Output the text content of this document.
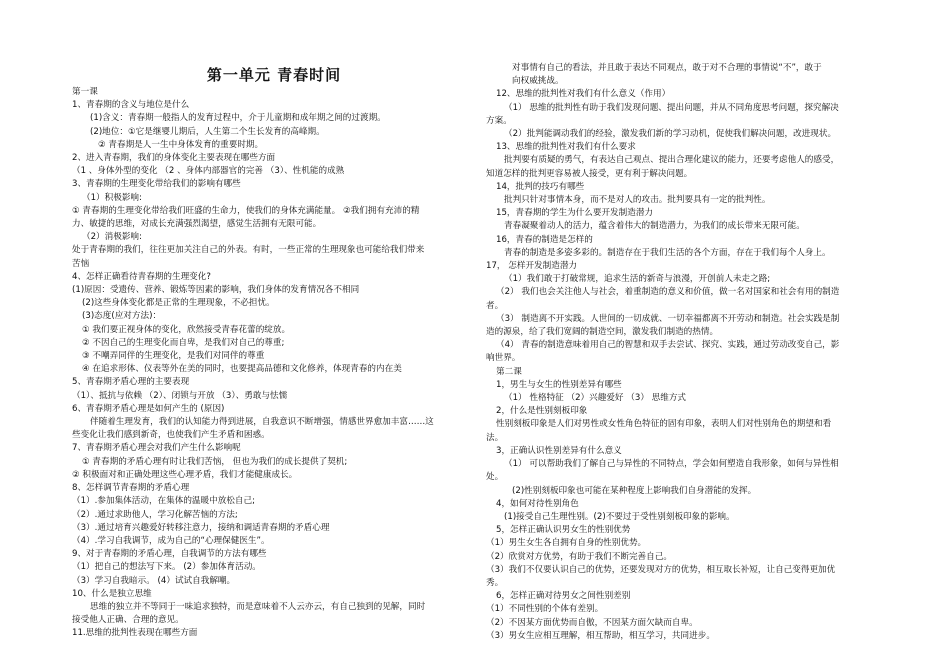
第一单元 青春时间
第一课
1、青春期的含义与地位是什么
(1)含义：青春期一般指人的发育过程中，介于儿童期和成年期之间的过渡期。
(2)地位：①它是继婴儿期后，人生第二个生长发育的高峰期。
② 青春期是人一生中身体发育的重要时期。
2、进入青春期，我们的身体变化主要表现在哪些方面
（1 、身体外型的变化 （2 、身体内部器官的完善 （3）、性机能的成熟
3、青春期的生理变化带给我们的影响有哪些
（1）积极影响:
① 青春期的生理变化带给我们旺盛的生命力，使我们的身体充满能量。 ②我们拥有充沛的精
力、敏捷的思维，对成长充满强烈渴望，感觉生活拥有无限可能。
（2）消极影响:
处于青春期的我们，往往更加关注自己的外表。有时，一些正常的生理现象也可能给我们带来
苦恼
4、怎样正确看待青春期的生理变化?
(1)原因：受遗传、营养、锻炼等因素的影响，我们身体的发育情况各不相同
(2)这些身体变化都是正常的生理现象，不必担忧。
(3)态度(应对方法)：
① 我们要正视身体的变化，欣然接受青春花蕾的绽放。
② 不因自己的生理变化而自卑，是我们对自己的尊重;
③ 不嘲弄同伴的生理变化，是我们对同伴的尊重
④ 在追求形体、仪表等外在美的同时，也要提高品德和文化修养，体现青春的内在美
5、青春期矛盾心理的主要表现
（1）、抵抗与依赖 （2）、闭锁与开放 （3）、勇敢与怯懦
6、青春期矛盾心理是如何产生的 (原因)
伴随着生理发育，我们的认知能力得到进展，自我意识不断增强，情感世界愈加丰富……这
些变化让我们感到新奇，也使我们产生矛盾和困惑。
7、青春期矛盾心理会对我们产生什么影响呢
① 青春期的矛盾心理有时让我们苦恼， 但也为我们的成长提供了契机;
② 积极面对和正确处理这些心理矛盾，我们才能健康成长。
8、怎样调节青春期的矛盾心理
（1）.参加集体活动，在集体的温暖中放松自己;
（2）.通过求助他人，学习化解苦恼的方法;
（3）.通过培育兴趣爱好转移注意力，接纳和调适青春期的矛盾心理
（4）.学习自我调节，成为自己的“心理保健医生”。
9、对于青春期的矛盾心理，自我调节的方法有哪些
（1）把自己的想法写下来。 (2）参加体育活动。
（3）学习自我暗示。 (4）试试自我解嘲。
10、什么是独立思维
思维的独立并不等同于一味追求独特，而是意味着不人云亦云，有自己独到的见解，同时
接受他人正确、合理的意见。
11.思维的批判性表现在哪些方面
对事情有自己的看法，并且敢于表达不同观点，敢于对不合理的事情说“不”，敢于
向权威挑战。
12、思维的批判性对我们有什么意义（作用）
（1） 思维的批判性有助于我们发现问题、提出问题，并从不同角度思考问题，探究解决
方案。
（2）批判能调动我们的经验，激发我们新的学习动机，促使我们解决问题，改进现状。
13、思维的批判性对我们有什么要求
批判要有质疑的勇气，有表达自己观点、提出合理化建议的能力，还要考虑他人的感受，
知道怎样的批判更容易被人接受，更有利于解决问题。
14，批判的技巧有哪些
批判只针对事情本身，而不是对人的攻击。批判要具有一定的批判性。
15，青春期的学生为什么要开发制造潜力
青春凝聚着动人的活力，蕴含着伟大的制造潜力，为我们的成长带来无限可能。
16，青春的制造是怎样的
青春的制造是多姿多彩的。制造存在于我们生活的各个方面，存在于我们每个人身上。
17， 怎样开发制造潜力
（1）我们敢于打破常规，追求生活的新奇与浪漫，开创前人未走之路;
（2） 我们也会关注他人与社会，着重制造的意义和价值，做一名对国家和社会有用的制造
者。
（3） 制造离不开实践。人世间的一切成就、一切幸福都离不开劳动和制造。社会实践是制
造的源泉，给了我们宽阔的制造空间，激发我们制造的热情。
（4） 青春的制造意味着用自己的智慧和双手去尝试、探究、实践，通过劳动改变自己，影
响世界。
第二课
1，男生与女生的性别差异有哪些
（1） 性格特征 （2）兴趣爱好 （3） 思维方式
2，什么是性别刻板印象
性别刻板印象是人们对男性或女性角色特征的固有印象，表明人们对性别角色的期望和看
法。
3，正确认识性别差异有什么意义
（1） 可以帮助我们了解自己与异性的不同特点，学会如何塑造自我形象，如何与异性相
处。
(2)性别刻板印象也可能在某种程度上影响我们自身潜能的发挥。
4，如何对待性别角色
(1)接受自己生理性别。(2)不要过于受性别刻板印象的影响。
5，怎样正确认识男女生的性别优势
（1）男生女生各自拥有自身的性别优势。
（2）欣赏对方优势，有助于我们不断完善自己。
（3）我们不仅要认识自己的优势，还要发现对方的优势，相互取长补短，让自己变得更加优
秀。
6，怎样正确对待男女之间性别差别
（1）不同性别的个体有差别。
（2）不因某方面优势而自傲，不因某方面欠缺而自卑。
（3）男女生应相互理解，相互帮助，相互学习，共同进步。
